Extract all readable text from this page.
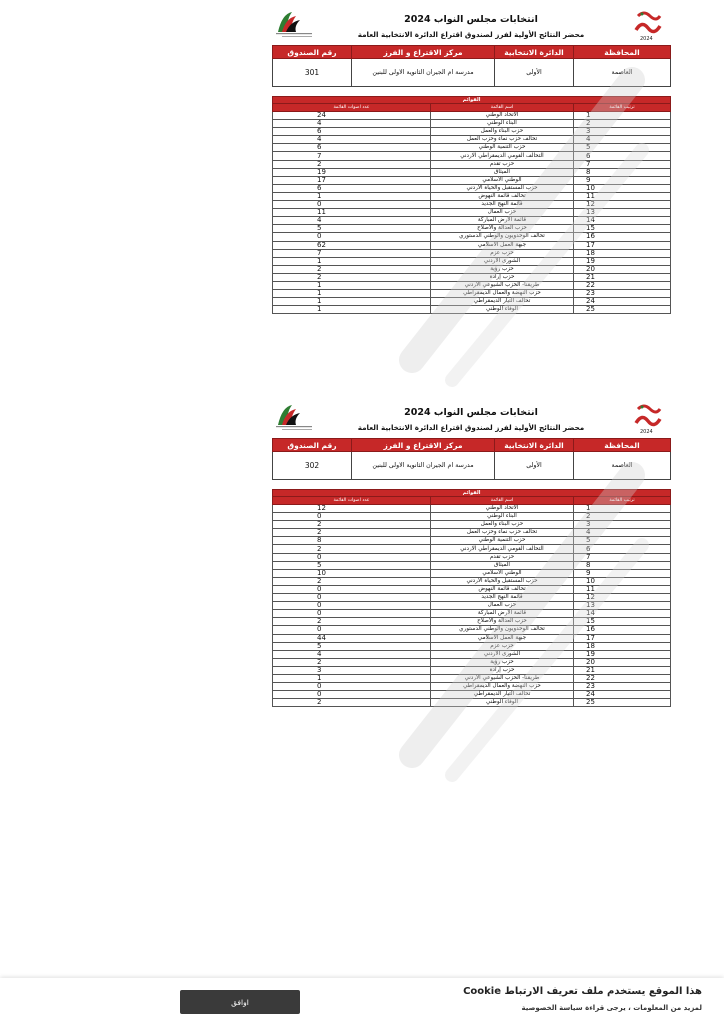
انتخابات مجلس النواب 2024
محضر النتائج الأولية لفرز لصندوق اقتراع الدائرة الانتخابية العامة	2024
المحافظة	الدائرة الانتخابية	مركز الاقتراع و الفرز	رقم الصندوق
العاصمة	الأولى	مدرسة ام الجيران الثانوية الاولى للبنين	301
القوائم		
ترتيب القائمة	اسم القائمة	عدد اصوات القائمة
1	الاتحاد الوطني	24
2	البناء الوطني	4
3	حزب البناء والعمل	6
4	تحالف حزب نماء وحزب العمل	4
5	حزب التنمية الوطني	6
6	التحالف القومي الديمقراطي الاردني	7
7	حزب تقدم	2
8	الميثاق	19
9	الوطني الاسلامي	17
10	حزب المستقبل والحياة الأردني	6
11	تحالف قائمة النهوض	1
12	قائمة النهج الجديد	0
13	حزب العمال	11
14	قائمة الارض المباركة	4
15	حزب العدالة والاصلاح	5
16	تحالف الوحدويون والوطني الدستوري	0
17	جبهة العمل الاسلامي	62
18	حزب عزم	7
19	الشورى الاردني	1
20	حزب رؤية	2
21	حزب إرادة	2
22	طريقنا- الحزب الشيوعي الاردني	1
23	حزب النهضة والعمال الديمقراطي	1
24	تحالف التيار الديمقراطي	1
25	الوفاء الوطني	1
انتخابات مجلس النواب 2024
محضر النتائج الأولية لفرز لصندوق اقتراع الدائرة الانتخابية العامة	2024
المحافظة	الدائرة الانتخابية	مركز الاقتراع و الفرز	رقم الصندوق
العاصمة	الأولى	مدرسة ام الجيران الثانوية الاولى للبنين	302
القوائم		
ترتيب القائمة	اسم القائمة	عدد اصوات القائمة
1	الاتحاد الوطني	12
2	البناء الوطني	0
3	حزب البناء والعمل	2
4	تحالف حزب نماء وحزب العمل	2
5	حزب التنمية الوطني	8
6	التحالف القومي الديمقراطي الاردني	2
7	حزب تقدم	0
8	الميثاق	5
9	الوطني الاسلامي	10
10	حزب المستقبل والحياة الأردني	2
11	تحالف قائمة النهوض	0
12	قائمة النهج الجديد	0
13	حزب العمال	0
14	قائمة الارض المباركة	0
15	حزب العدالة والاصلاح	2
16	تحالف الوحدويون والوطني الدستوري	0
17	جبهة العمل الاسلامي	44
18	حزب عزم	5
19	الشورى الاردني	4
20	حزب رؤية	2
21	حزب إرادة	3
22	طريقنا- الحزب الشيوعي الاردني	1
23	حزب النهضة والعمال الديمقراطي	0
24	تحالف التيار الديمقراطي	0
25	الوفاء الوطني	2
هذا الموقع يستخدم ملف تعريف الارتباط Cookie
لمزيد من المعلومات ، يرجى قراءة سياسة الخصوصية
اوافق
